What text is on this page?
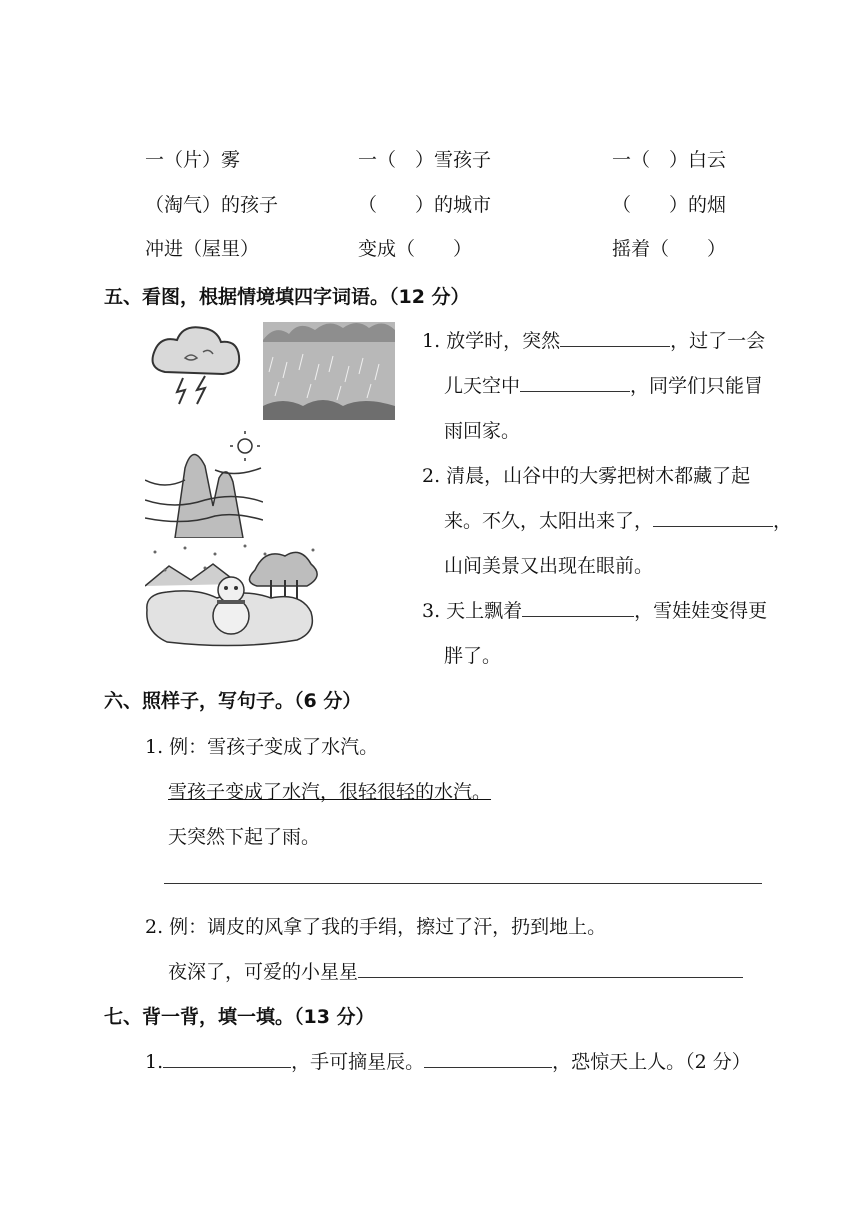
一（片）雾	一（　）雪孩子	一（　）白云
（淘气）的孩子	（　　）的城市	（　　）的烟
冲进（屋里）	变成（　　）	摇着（　　）
五、看图，根据情境填四字词语。（12 分）
1. 放学时，突然	，过了一会
儿天空中	，同学们只能冒
雨回家。
2. 清晨，山谷中的大雾把树木都藏了起
来。不久，太阳出来了，	，
山间美景又出现在眼前。
3. 天上飘着	，雪娃娃变得更
胖了。
六、照样子，写句子。（6 分）
1. 例：雪孩子变成了水汽。
雪孩子变成了水汽，很轻很轻的水汽。
天突然下起了雨。
2. 例：调皮的风拿了我的手绢，擦过了汗，扔到地上。
夜深了，可爱的小星星
七、背一背，填一填。（13 分）
1.	，手可摘星辰。	，恐惊天上人。（2 分）
